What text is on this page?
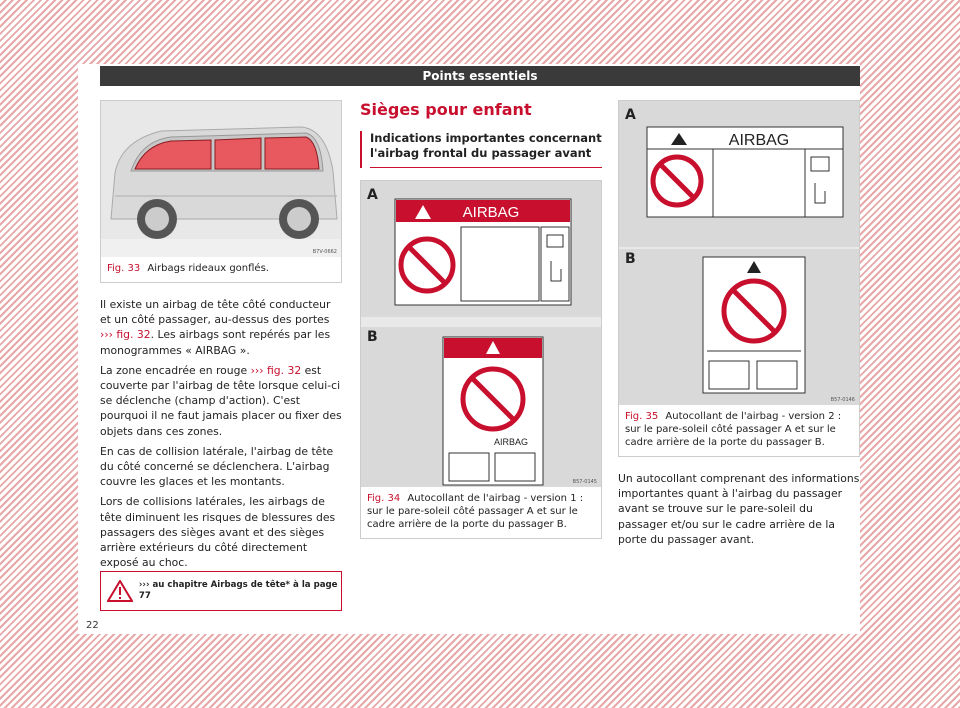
Points essentiels
B7V-0662
Fig. 33 Airbags rideaux gonflés.

Il existe un airbag de tête côté conducteur et un côté passager, au-dessus des portes ››› fig. 32. Les airbags sont repérés par les monogrammes « AIRBAG ».

La zone encadrée en rouge ››› fig. 32 est couverte par l'airbag de tête lorsque celui-ci se déclenche (champ d'action). C'est pourquoi il ne faut jamais placer ou fixer des objets dans ces zones.

En cas de collision latérale, l'airbag de tête du côté concerné se déclenchera. L'airbag couvre les glaces et les montants.

Lors de collisions latérales, les airbags de tête diminuent les risques de blessures des passagers des sièges avant et des sièges arrière extérieurs du côté directement exposé au choc.

››› au chapitre Airbags de tête* à la page 77
Sièges pour enfant
Indications importantes concernant l'airbag frontal du passager avant
A
B
AIRBAG
AIRBAG
B57-0145
Fig. 34 Autocollant de l'airbag - version 1 : sur le pare-soleil côté passager A et sur le cadre arrière de la porte du passager B.
A
B
AIRBAG
B57-0146
Fig. 35 Autocollant de l'airbag - version 2 : sur le pare-soleil côté passager A et sur le cadre arrière de la porte du passager B.

Un autocollant comprenant des informations importantes quant à l'airbag du passager avant se trouve sur le pare-soleil du passager et/ou sur le cadre arrière de la porte du passager avant.

22
